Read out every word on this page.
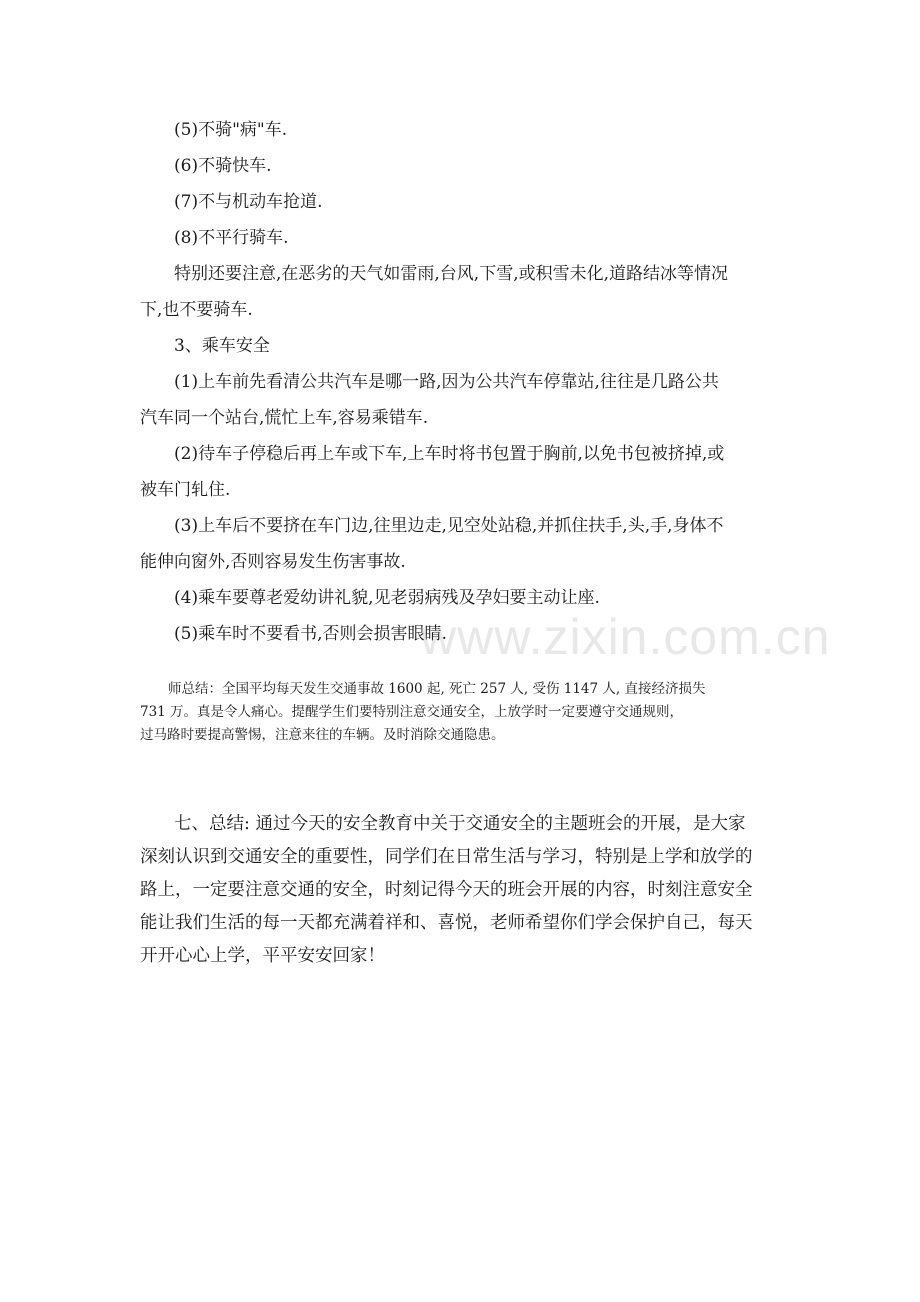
(5)不骑"病"车.
(6)不骑快车.
(7)不与机动车抢道.
(8)不平行骑车.
特别还要注意,在恶劣的天气如雷雨,台风,下雪,或积雪未化,道路结冰等情况
下,也不要骑车.
3、乘车安全
(1)上车前先看清公共汽车是哪一路,因为公共汽车停靠站,往往是几路公共
汽车同一个站台,慌忙上车,容易乘错车.
(2)待车子停稳后再上车或下车,上车时将书包置于胸前,以免书包被挤掉,或
被车门轧住.
(3)上车后不要挤在车门边,往里边走,见空处站稳,并抓住扶手,头,手,身体不
能伸向窗外,否则容易发生伤害事故.
(4)乘车要尊老爱幼讲礼貌,见老弱病残及孕妇要主动让座.
(5)乘车时不要看书,否则会损害眼睛.
师总结：全国平均每天发生交通事故 1600 起, 死亡 257 人, 受伤 1147 人, 直接经济损失
731 万。真是令人痛心。提醒学生们要特别注意交通安全，上放学时一定要遵守交通规则，
过马路时要提高警惕，注意来往的车辆。及时消除交通隐患。
七、总结: 通过今天的安全教育中关于交通安全的主题班会的开展，是大家
深刻认识到交通安全的重要性，同学们在日常生活与学习，特别是上学和放学的
路上，一定要注意交通的安全，时刻记得今天的班会开展的内容，时刻注意安全
能让我们生活的每一天都充满着祥和、喜悦，老师希望你们学会保护自己，每天
开开心心上学，平平安安回家！
www.zixin.com.cn
